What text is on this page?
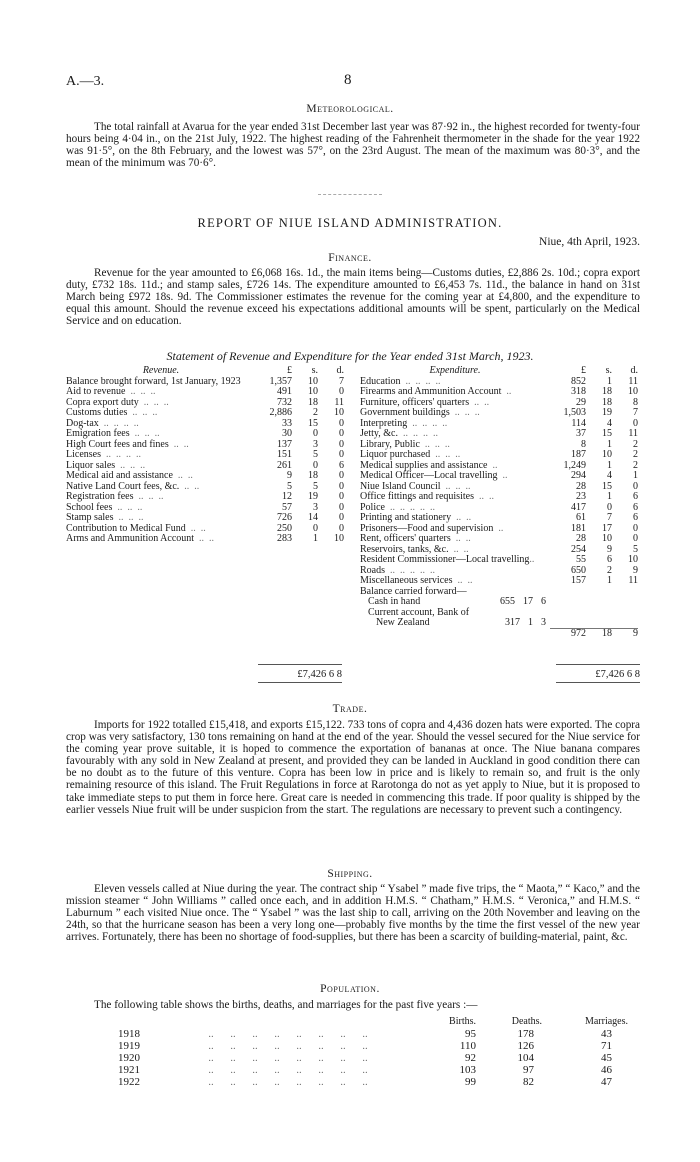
A.—3.	8
Meteorological.

The total rainfall at Avarua for the year ended 31st December last year was 87·92 in., the highest recorded for twenty-four hours being 4·04 in., on the 21st July, 1922. The highest reading of the Fahrenheit thermometer in the shade for the year 1922 was 91·5°, on the 8th February, and the lowest was 57°, on the 23rd August. The mean of the maximum was 80·3°, and the mean of the minimum was 70·6°.

REPORT OF NIUE ISLAND ADMINISTRATION.
Niue, 4th April, 1923.
Finance.

Revenue for the year amounted to £6,068 16s. 1d., the main items being—Customs duties, £2,886 2s. 10d.; copra export duty, £732 18s. 11d.; and stamp sales, £726 14s. The expenditure amounted to £6,453 7s. 11d., the balance in hand on 31st March being £972 18s. 9d. The Commissioner estimates the revenue for the coming year at £4,800, and the expenditure to equal this amount. Should the revenue exceed his expectations additional amounts will be spent, particularly on the Medical Service and on education.

Statement of Revenue and Expenditure for the Year ended 31st March, 1923.
Revenue.	£	s.	d.
Balance brought forward, 1st January, 1923	1,357	10	7
Aid to revenue  ..  ..  ..	491	10	0
Copra export duty  ..  ..  ..	732	18	11
Customs duties  ..  ..  ..	2,886	2	10
Dog-tax  ..  ..  ..  ..	33	15	0
Emigration fees  ..  ..  ..	30	0	0
High Court fees and fines  ..  ..	137	3	0
Licenses  ..  ..  ..  ..	151	5	0
Liquor sales  ..  ..  ..	261	0	6
Medical aid and assistance  ..  ..	9	18	0
Native Land Court fees, &c.  ..  ..	5	5	0
Registration fees  ..  ..  ..	12	19	0
School fees  ..  ..  ..	57	3	0
Stamp sales  ..  ..  ..	726	14	0
Contribution to Medical Fund  ..  ..	250	0	0
Arms and Ammunition Account  ..  ..	283	1	10
Expenditure.	£	s.	d.
Education  ..  ..  ..  ..	852	1	11
Firearms and Ammunition Account  ..	318	18	10
Furniture, officers' quarters  ..  ..	29	18	8
Government buildings  ..  ..  ..	1,503	19	7
Interpreting  ..  ..  ..  ..	114	4	0
Jetty, &c.  ..  ..  ..  ..	37	15	11
Library, Public  ..  ..  ..	8	1	2
Liquor purchased  ..  ..  ..	187	10	2
Medical supplies and assistance  ..	1,249	1	2
Medical Officer—Local travelling  ..	294	4	1
Niue Island Council  ..  ..  ..	28	15	0
Office fittings and requisites  ..  ..	23	1	6
Police  ..  ..  ..  ..  ..	417	0	6
Printing and stationery  ..  ..	61	7	6
Prisoners—Food and supervision  ..	181	17	0
Rent, officers' quarters  ..  ..	28	10	0
Reservoirs, tanks, &c.  ..  ..	254	9	5
Resident Commissioner—Local travelling..	55	6	10
Roads  ..  ..  ..  ..  ..	650	2	9
Miscellaneous services  ..  ..	157	1	11
Balance carried forward—			
Cash in hand 655 17 6			

Current account, Bank of			
New Zealand 317 1 3			

	972	18	9
£7,426 6 8	£7,426 6 8
Trade.

Imports for 1922 totalled £15,418, and exports £15,122. 733 tons of copra and 4,436 dozen hats were exported. The copra crop was very satisfactory, 130 tons remaining on hand at the end of the year. Should the vessel secured for the Niue service for the coming year prove suitable, it is hoped to commence the exportation of bananas at once. The Niue banana compares favourably with any sold in New Zealand at present, and provided they can be landed in Auckland in good condition there can be no doubt as to the future of this venture. Copra has been low in price and is likely to remain so, and fruit is the only remaining resource of this island. The Fruit Regulations in force at Rarotonga do not as yet apply to Niue, but it is proposed to take immediate steps to put them in force here. Great care is needed in commencing this trade. If poor quality is shipped by the earlier vessels Niue fruit will be under suspicion from the start. The regulations are necessary to prevent such a contingency.

Shipping.

Eleven vessels called at Niue during the year. The contract ship “ Ysabel ” made five trips, the “ Maota,” “ Kaco,” and the mission steamer “ John Williams ” called once each, and in addition H.M.S. “ Chatham,” H.M.S. “ Veronica,” and H.M.S. “ Laburnum ” each visited Niue once. The “ Ysabel ” was the last ship to call, arriving on the 20th November and leaving on the 24th, so that the hurricane season has been a very long one—probably five months by the time the first vessel of the new year arrives. Fortunately, there has been no shortage of food-supplies, but there has been a scarcity of building-material, paint, &c.

Population.

The following table shows the births, deaths, and marriages for the past five years :—

		Births.	Deaths.	Marriages.
1918	..      ..      ..      ..      ..      ..      ..      ..	95	178	43
1919	..      ..      ..      ..      ..      ..      ..      ..	110	126	71
1920	..      ..      ..      ..      ..      ..      ..      ..	92	104	45
1921	..      ..      ..      ..      ..      ..      ..      ..	103	97	46
1922	..      ..      ..      ..      ..      ..      ..      ..	99	82	47
